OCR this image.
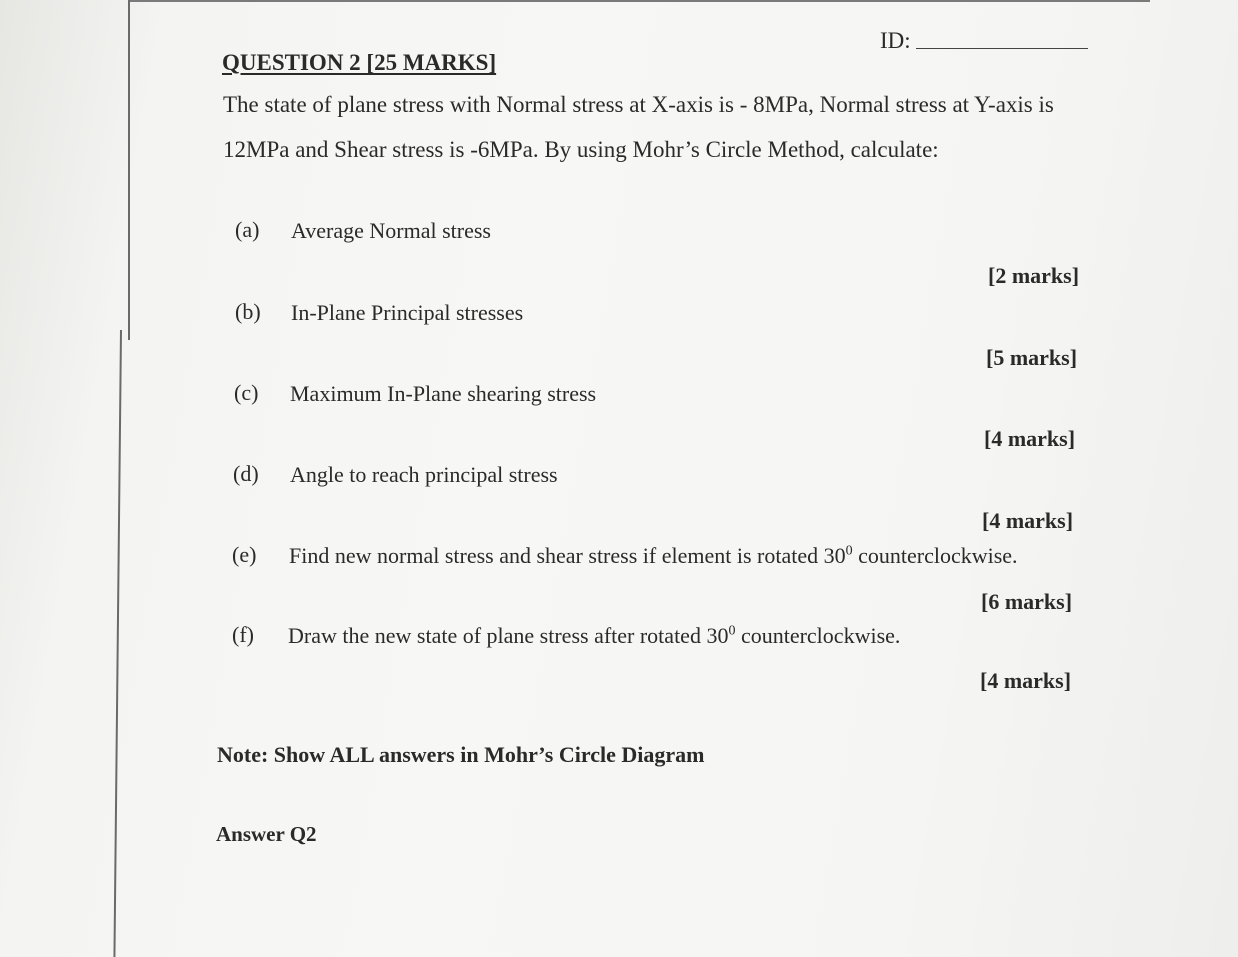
ID:
QUESTION 2 [25 MARKS]
The state of plane stress with Normal stress at X-axis is - 8MPa, Normal stress at Y-axis is
12MPa and Shear stress is -6MPa. By using Mohr’s Circle Method, calculate:
(a) Average Normal stress
[2 marks]
(b) In-Plane Principal stresses
[5 marks]
(c) Maximum In-Plane shearing stress
[4 marks]
(d) Angle to reach principal stress
[4 marks]
(e) Find new normal stress and shear stress if element is rotated $30^0$ counterclockwise.
[6 marks]
(f) Draw the new state of plane stress after rotated $30^0$ counterclockwise.
[4 marks]
Note: Show ALL answers in Mohr’s Circle Diagram
Answer Q2
